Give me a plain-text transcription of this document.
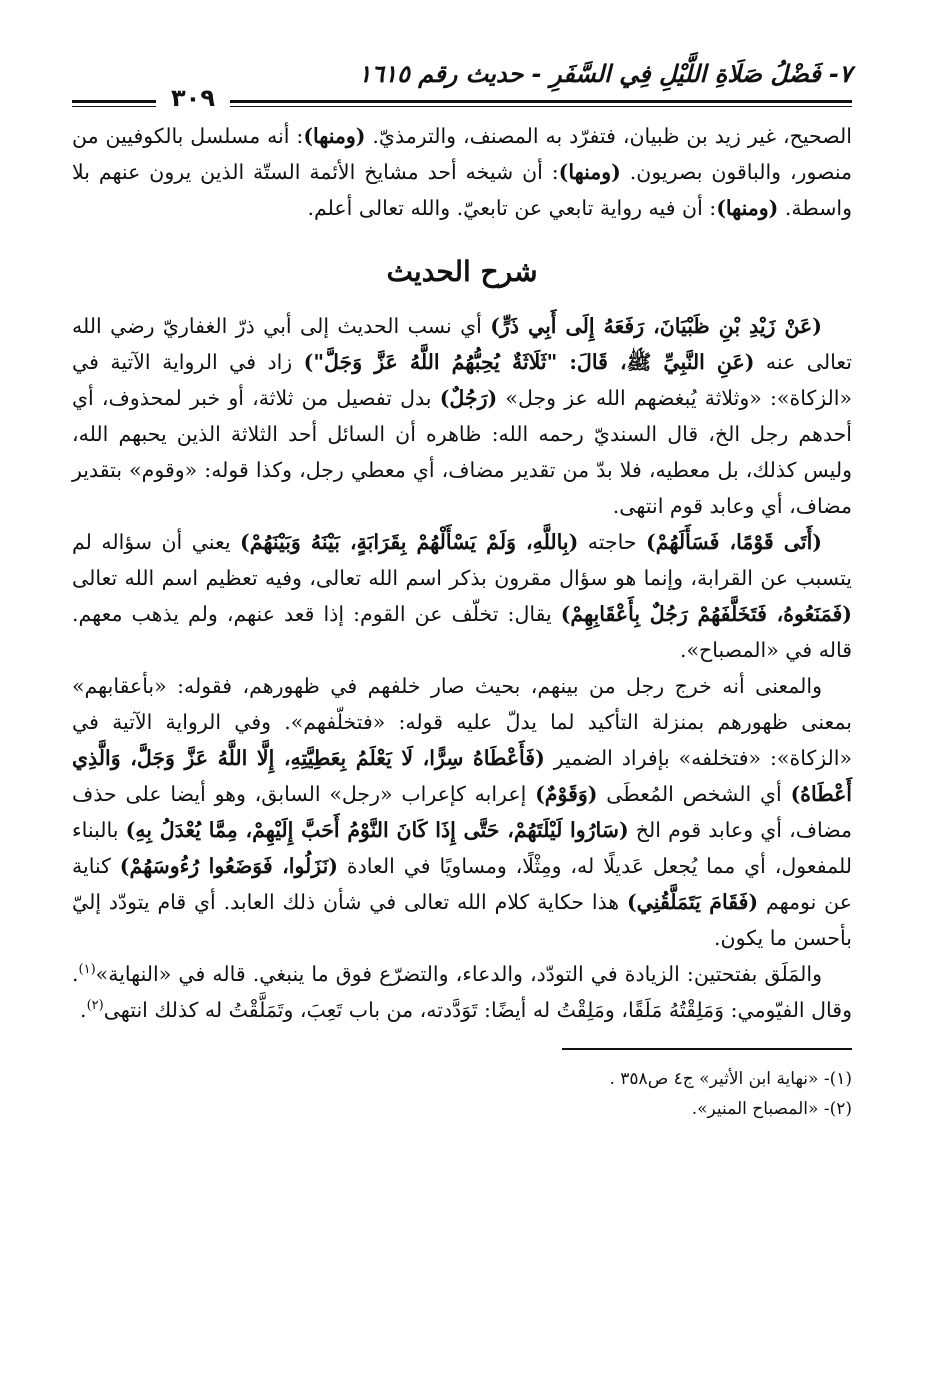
٧- فَضْلُ صَلَاةِ اللَّيْلِ فِي السَّفَرِ - حديث رقم ١٦١٥
٣٠٩

الصحيح، غير زيد بن ظبيان، فتفرّد به المصنف، والترمذيّ. (ومنها): أنه مسلسل بالكوفيين من منصور، والباقون بصريون. (ومنها): أن شيخه أحد مشايخ الأئمة الستّة الذين يرون عنهم بلا واسطة. (ومنها): أن فيه رواية تابعي عن تابعيّ. والله تعالى أعلم.

شرح الحديث

(عَنْ زَيْدِ بْنِ ظَبْيَانَ، رَفَعَهُ إِلَى أَبِي ذَرٍّ) أي نسب الحديث إلى أبي ذرّ الغفاريّ رضي الله تعالى عنه (عَنِ النَّبِيِّ ﷺ، قَالَ: "ثَلَاثَةٌ يُحِبُّهُمُ اللَّهُ عَزَّ وَجَلَّ") زاد في الرواية الآتية في «الزكاة»: «وثلاثة يُبغضهم الله عز وجل» (رَجُلٌ) بدل تفصيل من ثلاثة، أو خبر لمحذوف، أي أحدهم رجل الخ، قال السنديّ رحمه الله: ظاهره أن السائل أحد الثلاثة الذين يحبهم الله، وليس كذلك، بل معطيه، فلا بدّ من تقدير مضاف، أي معطي رجل، وكذا قوله: «وقوم» بتقدير مضاف، أي وعابد قوم انتهى.

(أَتَى قَوْمًا، فَسَأَلَهُمْ) حاجته (بِاللَّهِ، وَلَمْ يَسْأَلْهُمْ بِقَرَابَةٍ، بَيْنَهُ وَبَيْنَهُمْ) يعني أن سؤاله لم يتسبب عن القرابة، وإنما هو سؤال مقرون بذكر اسم الله تعالى، وفيه تعظيم اسم الله تعالى (فَمَنَعُوهُ، فَتَخَلَّفَهُمْ رَجُلٌ بِأَعْقَابِهِمْ) يقال: تخلّف عن القوم: إذا قعد عنهم، ولم يذهب معهم. قاله في «المصباح».

والمعنى أنه خرج رجل من بينهم، بحيث صار خلفهم في ظهورهم، فقوله: «بأعقابهم» بمعنى ظهورهم بمنزلة التأكيد لما يدلّ عليه قوله: «فتخلّفهم». وفي الرواية الآتية في «الزكاة»: «فتخلفه» بإفراد الضمير (فَأَعْطَاهُ سِرًّا، لَا يَعْلَمُ بِعَطِيَّتِهِ، إِلَّا اللَّهُ عَزَّ وَجَلَّ، وَالَّذِي أَعْطَاهُ) أي الشخص المُعطَى (وَقَوْمٌ) إعرابه كإعراب «رجل» السابق، وهو أيضا على حذف مضاف، أي وعابد قوم الخ (سَارُوا لَيْلَتَهُمْ، حَتَّى إِذَا كَانَ النَّوْمُ أَحَبَّ إِلَيْهِمْ، مِمَّا يُعْدَلُ بِهِ) بالبناء للمفعول، أي مما يُجعل عَديلًا له، ومِثْلًا، ومساويًا في العادة (نَزَلُوا، فَوَضَعُوا رُءُوسَهُمْ) كناية عن نومهم (فَقَامَ يَتَمَلَّقُنِي) هذا حكاية كلام الله تعالى في شأن ذلك العابد. أي قام يتودّد إليّ بأحسن ما يكون.

والمَلَق بفتحتين: الزيادة في التودّد، والدعاء، والتضرّع فوق ما ينبغي. قاله في «النهاية»$^{(١)}$. وقال الفيّومي: وَمَلِقْتُهُ مَلَقًا، ومَلِقْتُ له أيضًا: تَوَدَّدته، من باب تَعِبَ، وتَمَلَّقْتُ له كذلك انتهى$^{(٢)}$.

(١)- «نهاية ابن الأثير» ج٤ ص٣٥٨ .

(٢)- «المصباح المنير».
